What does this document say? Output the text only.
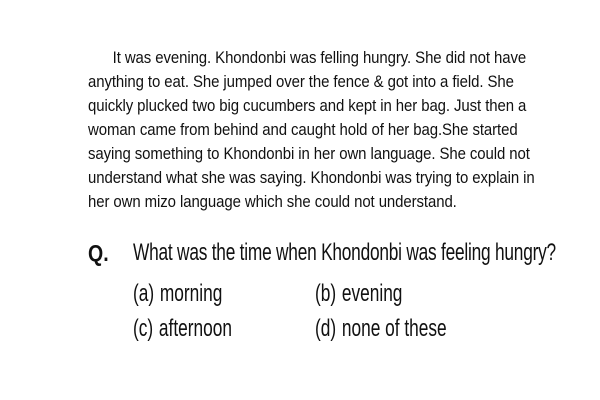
It was evening. Khondonbi was felling hungry. She did not have
anything to eat. She jumped over the fence & got into a field. She
quickly plucked two big cucumbers and kept in her bag. Just then a
woman came from behind and caught hold of her bag.She started
saying something to Khondonbi in her own language. She could not
understand what she was saying. Khondonbi was trying to explain in
her own mizo language which she could not understand.
Q. What was the time when Khondonbi was feeling hungry?
(a) morning	(b) evening
(c) afternoon	(d) none of these
